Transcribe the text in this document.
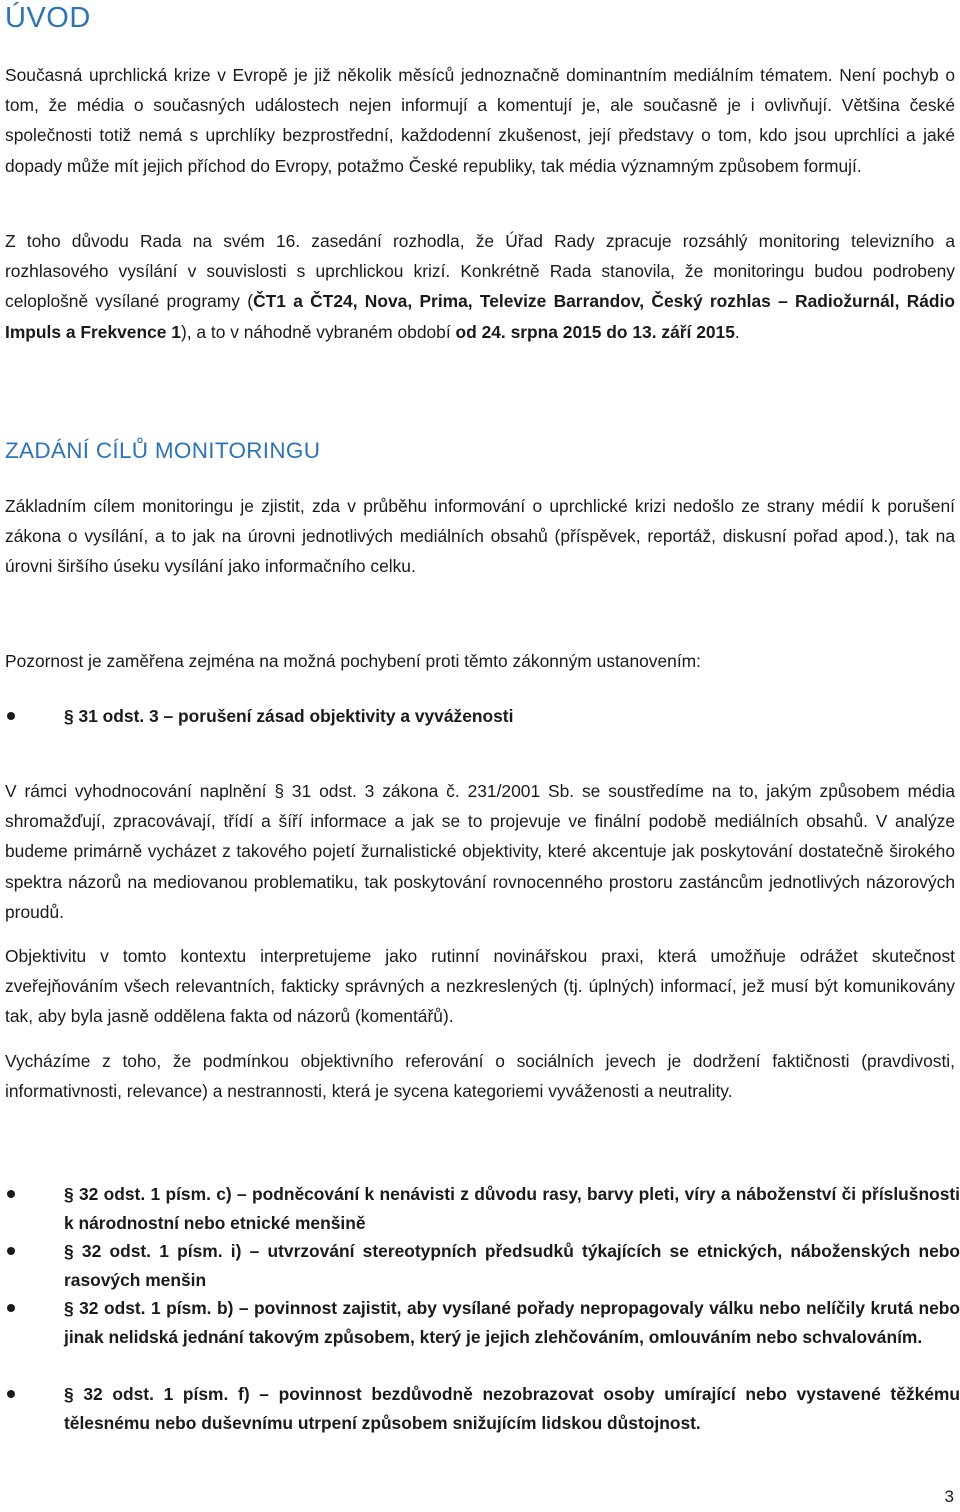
ÚVOD

Současná uprchlická krize v Evropě je již několik měsíců jednoznačně dominantním mediálním tématem. Není pochyb o tom, že média o současných událostech nejen informují a komentují je, ale současně je i ovlivňují. Většina české společnosti totiž nemá s uprchlíky bezprostřední, každodenní zkušenost, její představy o tom, kdo jsou uprchlíci a jaké dopady může mít jejich příchod do Evropy, potažmo České republiky, tak média významným způsobem formují.

Z toho důvodu Rada na svém 16. zasedání rozhodla, že Úřad Rady zpracuje rozsáhlý monitoring televizního a rozhlasového vysílání v souvislosti s uprchlickou krizí. Konkrétně Rada stanovila, že monitoringu budou podrobeny celoplošně vysílané programy (ČT1 a ČT24, Nova, Prima, Televize Barrandov, Český rozhlas – Radiožurnál, Rádio Impuls a Frekvence 1), a to v náhodně vybraném období od 24. srpna 2015 do 13. září 2015.

ZADÁNÍ CÍLŮ MONITORINGU

Základním cílem monitoringu je zjistit, zda v průběhu informování o uprchlické krizi nedošlo ze strany médií k porušení zákona o vysílání, a to jak na úrovni jednotlivých mediálních obsahů (příspěvek, reportáž, diskusní pořad apod.), tak na úrovni širšího úseku vysílání jako informačního celku.

Pozornost je zaměřena zejména na možná pochybení proti těmto zákonným ustanovením:

§ 31 odst. 3 – porušení zásad objektivity a vyváženosti

V rámci vyhodnocování naplnění § 31 odst. 3 zákona č. 231/2001 Sb. se soustředíme na to, jakým způsobem média shromažďují, zpracovávají, třídí a šíří informace a jak se to projevuje ve finální podobě mediálních obsahů. V analýze budeme primárně vycházet z takového pojetí žurnalistické objektivity, které akcentuje jak poskytování dostatečně širokého spektra názorů na mediovanou problematiku, tak poskytování rovnocenného prostoru zastáncům jednotlivých názorových proudů.

Objektivitu v tomto kontextu interpretujeme jako rutinní novinářskou praxi, která umožňuje odrážet skutečnost zveřejňováním všech relevantních, fakticky správných a nezkreslených (tj. úplných) informací, jež musí být komunikovány tak, aby byla jasně oddělena fakta od názorů (komentářů).

Vycházíme z toho, že podmínkou objektivního referování o sociálních jevech je dodržení faktičnosti (pravdivosti, informativnosti, relevance) a nestrannosti, která je sycena kategoriemi vyváženosti a neutrality.

§ 32 odst. 1 písm. c) – podněcování k nenávisti z důvodu rasy, barvy pleti, víry a náboženství či příslušnosti k národnostní nebo etnické menšině

§ 32 odst. 1 písm. i) – utvrzování stereotypních předsudků týkajících se etnických, náboženských nebo rasových menšin

§ 32 odst. 1 písm. b) – povinnost zajistit, aby vysílané pořady nepropagovaly válku nebo nelíčily krutá nebo jinak nelidská jednání takovým způsobem, který je jejich zlehčováním, omlouváním nebo schvalováním.

§ 32 odst. 1 písm. f) – povinnost bezdůvodně nezobrazovat osoby umírající nebo vystavené těžkému tělesnému nebo duševnímu utrpení způsobem snižujícím lidskou důstojnost.

3
